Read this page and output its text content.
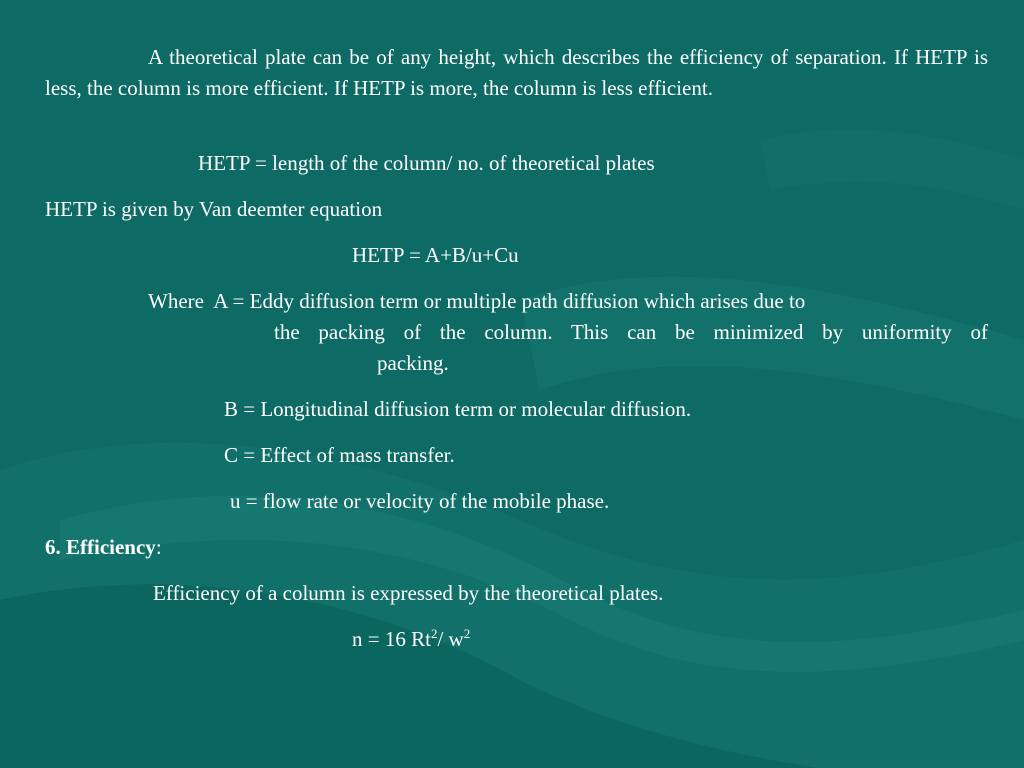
A theoretical plate can be of any height, which describes the efficiency of separation. If HETP is less, the column is more efficient. If HETP is more, the column is less efficient.
HETP = length of the column/ no. of theoretical plates
HETP is given by Van deemter equation
HETP = A+B/u+Cu
Where  A = Eddy diffusion term or multiple path diffusion which arises due to
the packing of the column. This can be minimized by uniformity of
packing.
B = Longitudinal diffusion term or molecular diffusion.
C = Effect of mass transfer.
u = flow rate or velocity of the mobile phase.
6. Efficiency:
Efficiency of a column is expressed by the theoretical plates.
n = 16 Rt$^2$/ $w^2$
